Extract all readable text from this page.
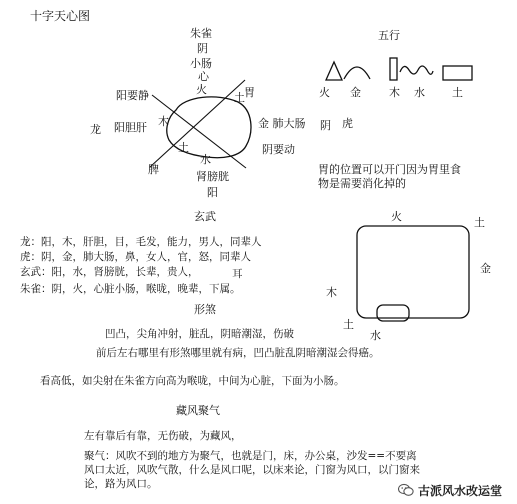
十字天心图
朱雀
阴
小肠
心
火
阳要静
龙 阳胆肝 木
土
土
水
胃
金 肺大肠 阴 虎
阴要动
脾
肾膀胱
阳
玄武
五行
火 金	木 水 土
胃的位置可以开门因为胃里食
物是需要消化掉的
龙：阳，木，肝胆，目，毛发，能力，男人，同辈人
虎：阴，金，肺大肠，鼻，女人，官，怒，同辈人
玄武：阳，水，肾膀胱，长辈，贵人，
朱雀：阴，火，心脏小肠，喉咙，晚辈，下属。
耳
形煞
凹凸，尖角冲射，脏乱，阴暗潮湿，伤破
前后左右哪里有形煞哪里就有病，凹凸脏乱阴暗潮湿会得癌。
火	土
金
木
土
水
看高低，如尖射在朱雀方向高为喉咙，中间为心脏，下面为小肠。
藏风聚气
左有靠后有靠，无伤破，为藏风，
聚气：风吹不到的地方为聚气，也就是门，床，办公桌，沙发==不要离
风口太近，风吹气散，什么是风口呢，以床来论，门窗为风口，以门窗来
论，路为风口。	古派风水改运堂
